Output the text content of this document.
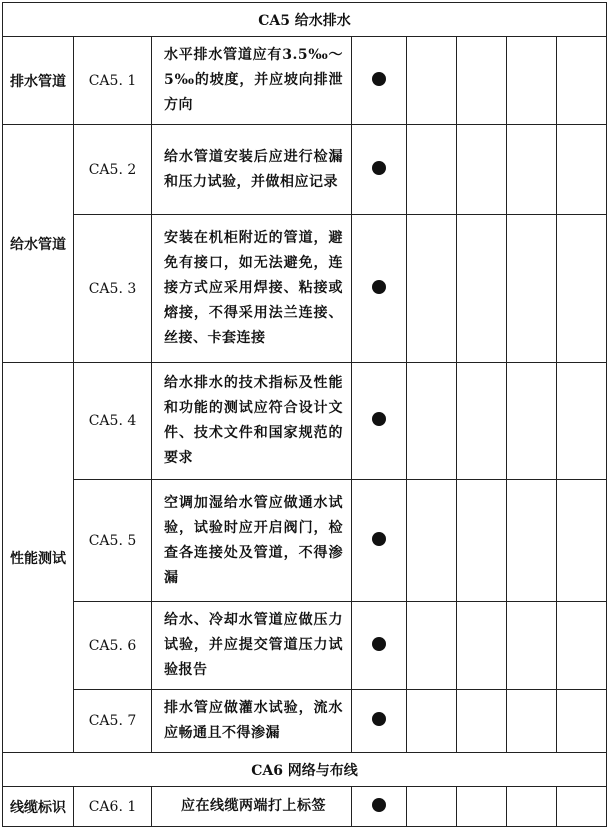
CA5 给水排水							
排水管道	CA5. 1	水平排水管道应有3.5‰～5‰的坡度，并应坡向排泄方向					
给水管道	CA5. 2	给水管道安装后应进行检漏和压力试验，并做相应记录					
	CA5. 3	安装在机柜附近的管道，避免有接口，如无法避免，连接方式应采用焊接、粘接或熔接，不得采用法兰连接、丝接、卡套连接					
性能测试	CA5. 4	给水排水的技术指标及性能和功能的测试应符合设计文件、技术文件和国家规范的要求					
	CA5. 5	空调加湿给水管应做通水试验，试验时应开启阀门，检查各连接处及管道，不得渗漏					
	CA5. 6	给水、冷却水管道应做压力试验，并应提交管道压力试验报告					
	CA5. 7	排水管应做灌水试验，流水应畅通且不得渗漏					
CA6 网络与布线							
线缆标识	CA6. 1	应在线缆两端打上标签					
